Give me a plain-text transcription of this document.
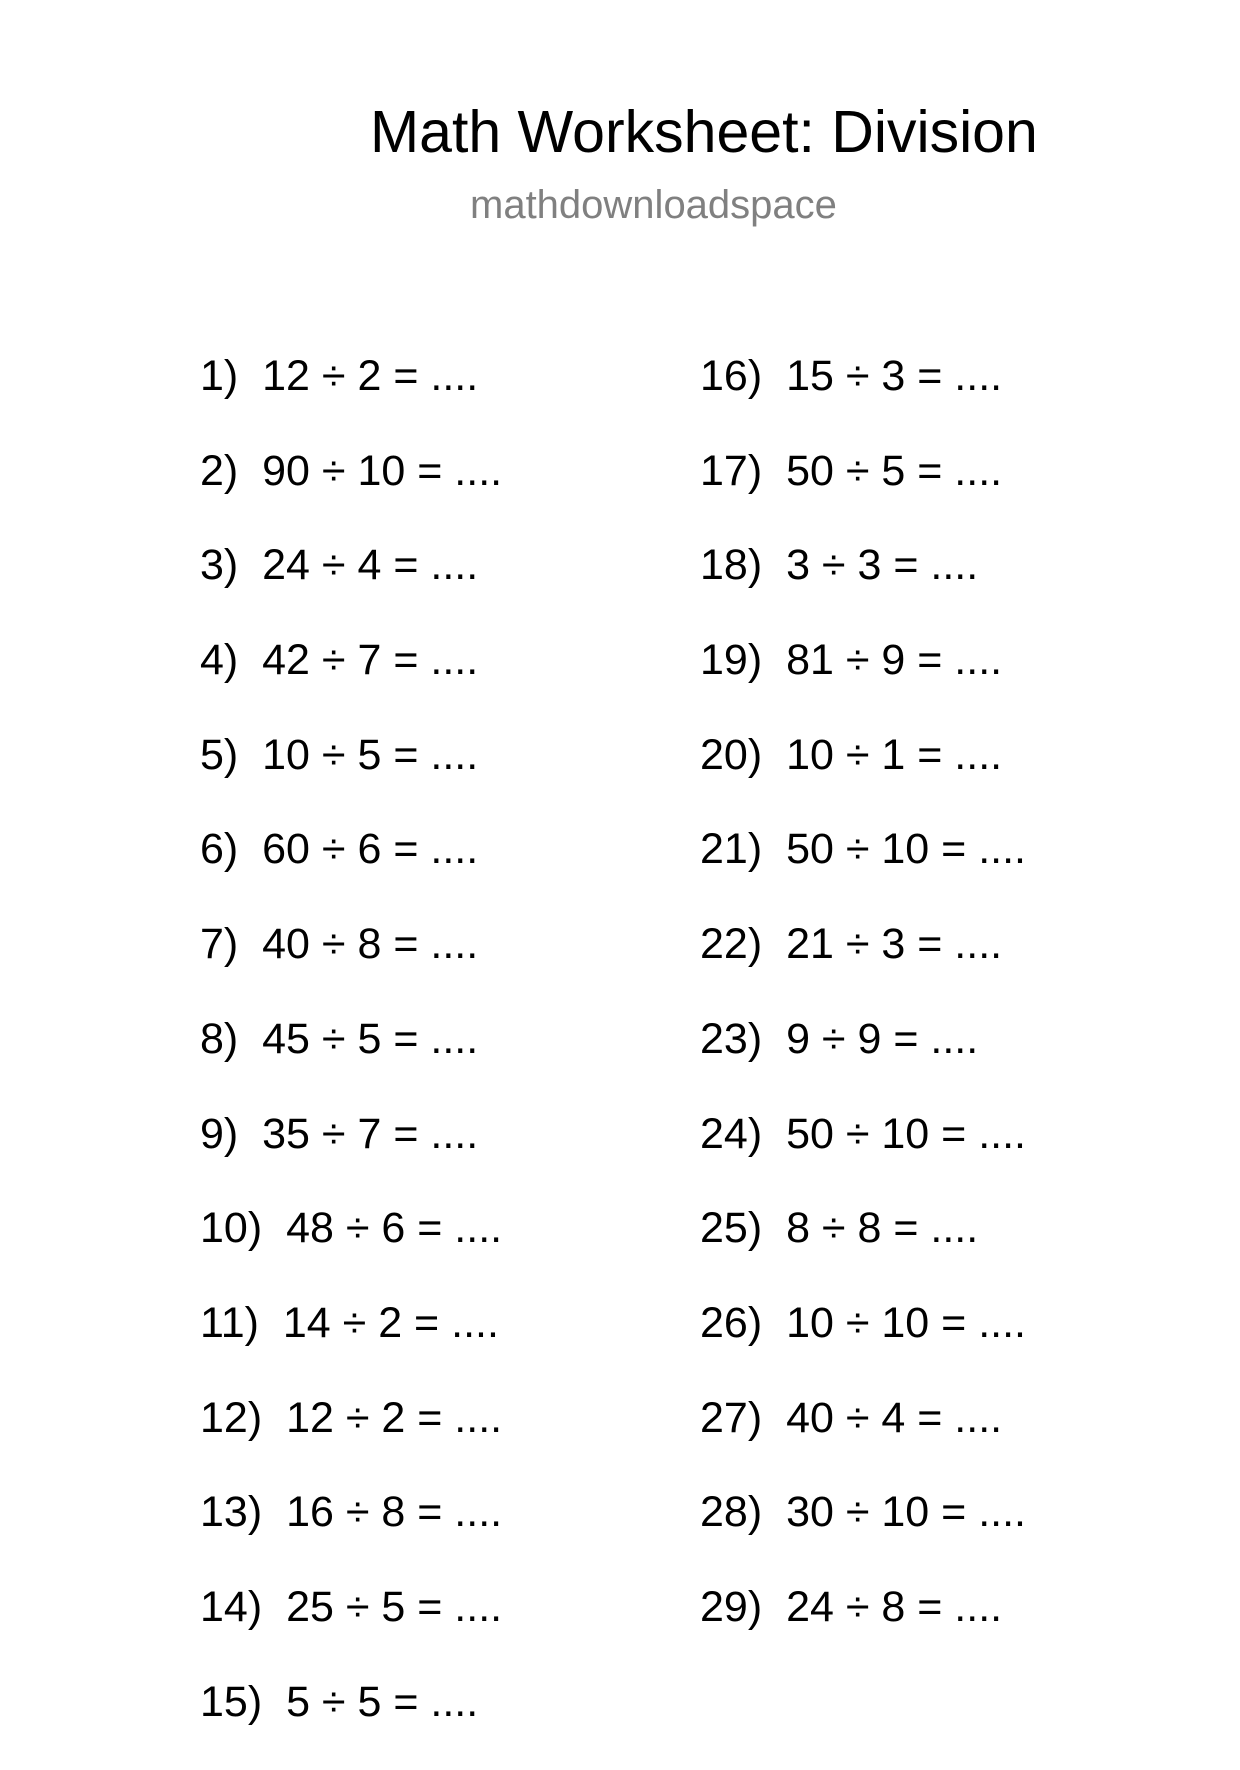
Math Worksheet: Division
mathdownloadspace
1) 12 ÷ 2 = ....
2) 90 ÷ 10 = ....
3) 24 ÷ 4 = ....
4) 42 ÷ 7 = ....
5) 10 ÷ 5 = ....
6) 60 ÷ 6 = ....
7) 40 ÷ 8 = ....
8) 45 ÷ 5 = ....
9) 35 ÷ 7 = ....
10) 48 ÷ 6 = ....
11) 14 ÷ 2 = ....
12) 12 ÷ 2 = ....
13) 16 ÷ 8 = ....
14) 25 ÷ 5 = ....
15) 5 ÷ 5 = ....
16) 15 ÷ 3 = ....
17) 50 ÷ 5 = ....
18) 3 ÷ 3 = ....
19) 81 ÷ 9 = ....
20) 10 ÷ 1 = ....
21) 50 ÷ 10 = ....
22) 21 ÷ 3 = ....
23) 9 ÷ 9 = ....
24) 50 ÷ 10 = ....
25) 8 ÷ 8 = ....
26) 10 ÷ 10 = ....
27) 40 ÷ 4 = ....
28) 30 ÷ 10 = ....
29) 24 ÷ 8 = ....
